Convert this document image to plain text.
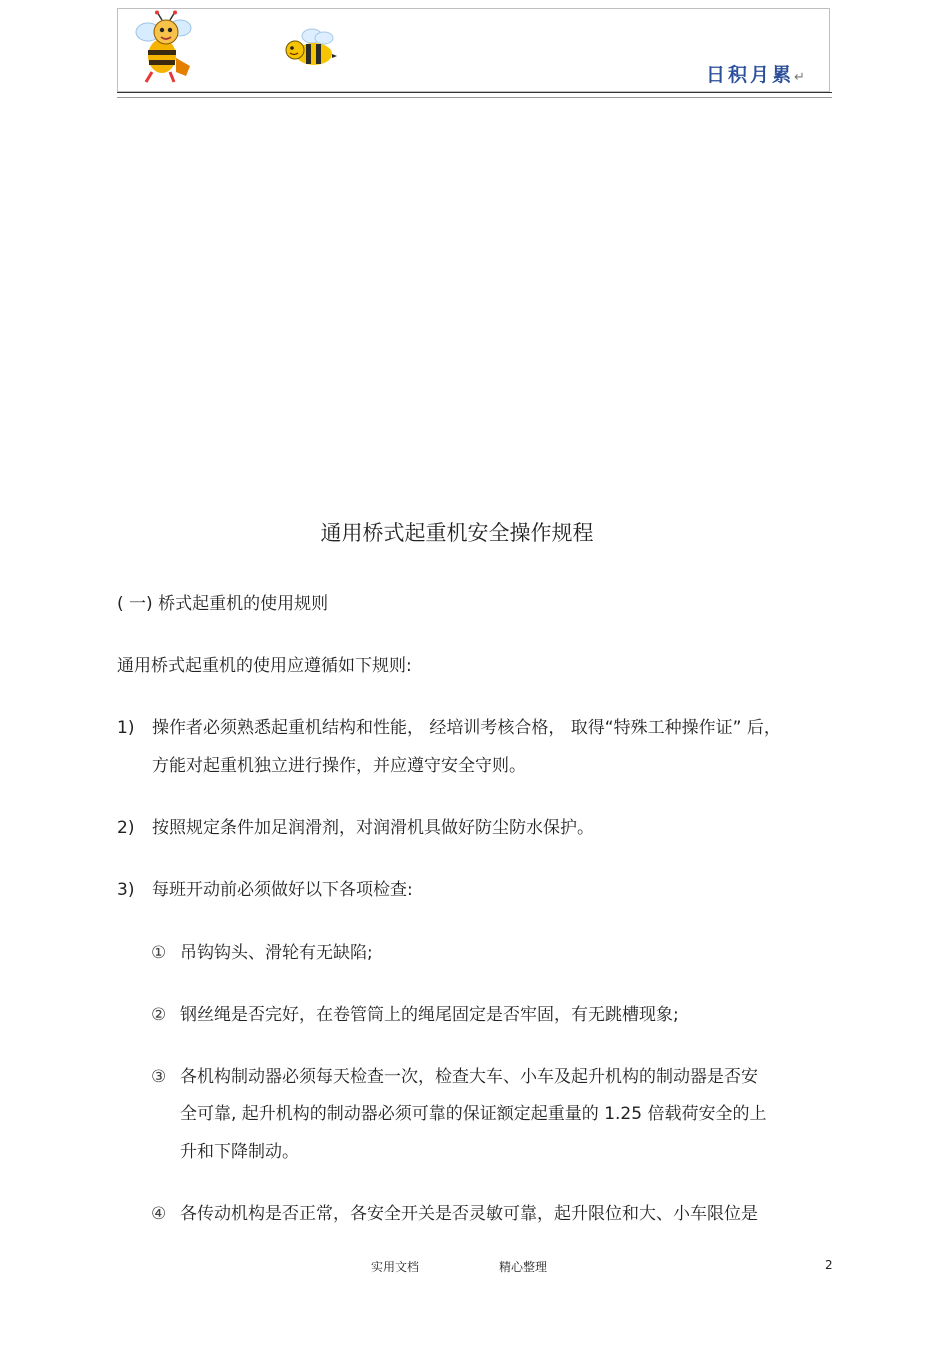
日积月累↵
通用桥式起重机安全操作规程
( 一) 桥式起重机的使用规则
通用桥式起重机的使用应遵循如下规则:
1) 操作者必须熟悉起重机结构和性能， 经培训考核合格， 取得“特殊工种操作证” 后，
方能对起重机独立进行操作，并应遵守安全守则。
2) 按照规定条件加足润滑剂，对润滑机具做好防尘防水保护。
3) 每班开动前必须做好以下各项检查:
① 吊钩钩头、滑轮有无缺陷;
② 钢丝绳是否完好，在卷管筒上的绳尾固定是否牢固，有无跳槽现象;
③ 各机构制动器必须每天检查一次，检查大车、小车及起升机构的制动器是否安
全可靠, 起升机构的制动器必须可靠的保证额定起重量的 1.25 倍载荷安全的上
升和下降制动。
④ 各传动机构是否正常，各安全开关是否灵敏可靠，起升限位和大、小车限位是
实用文档	精心整理	2
